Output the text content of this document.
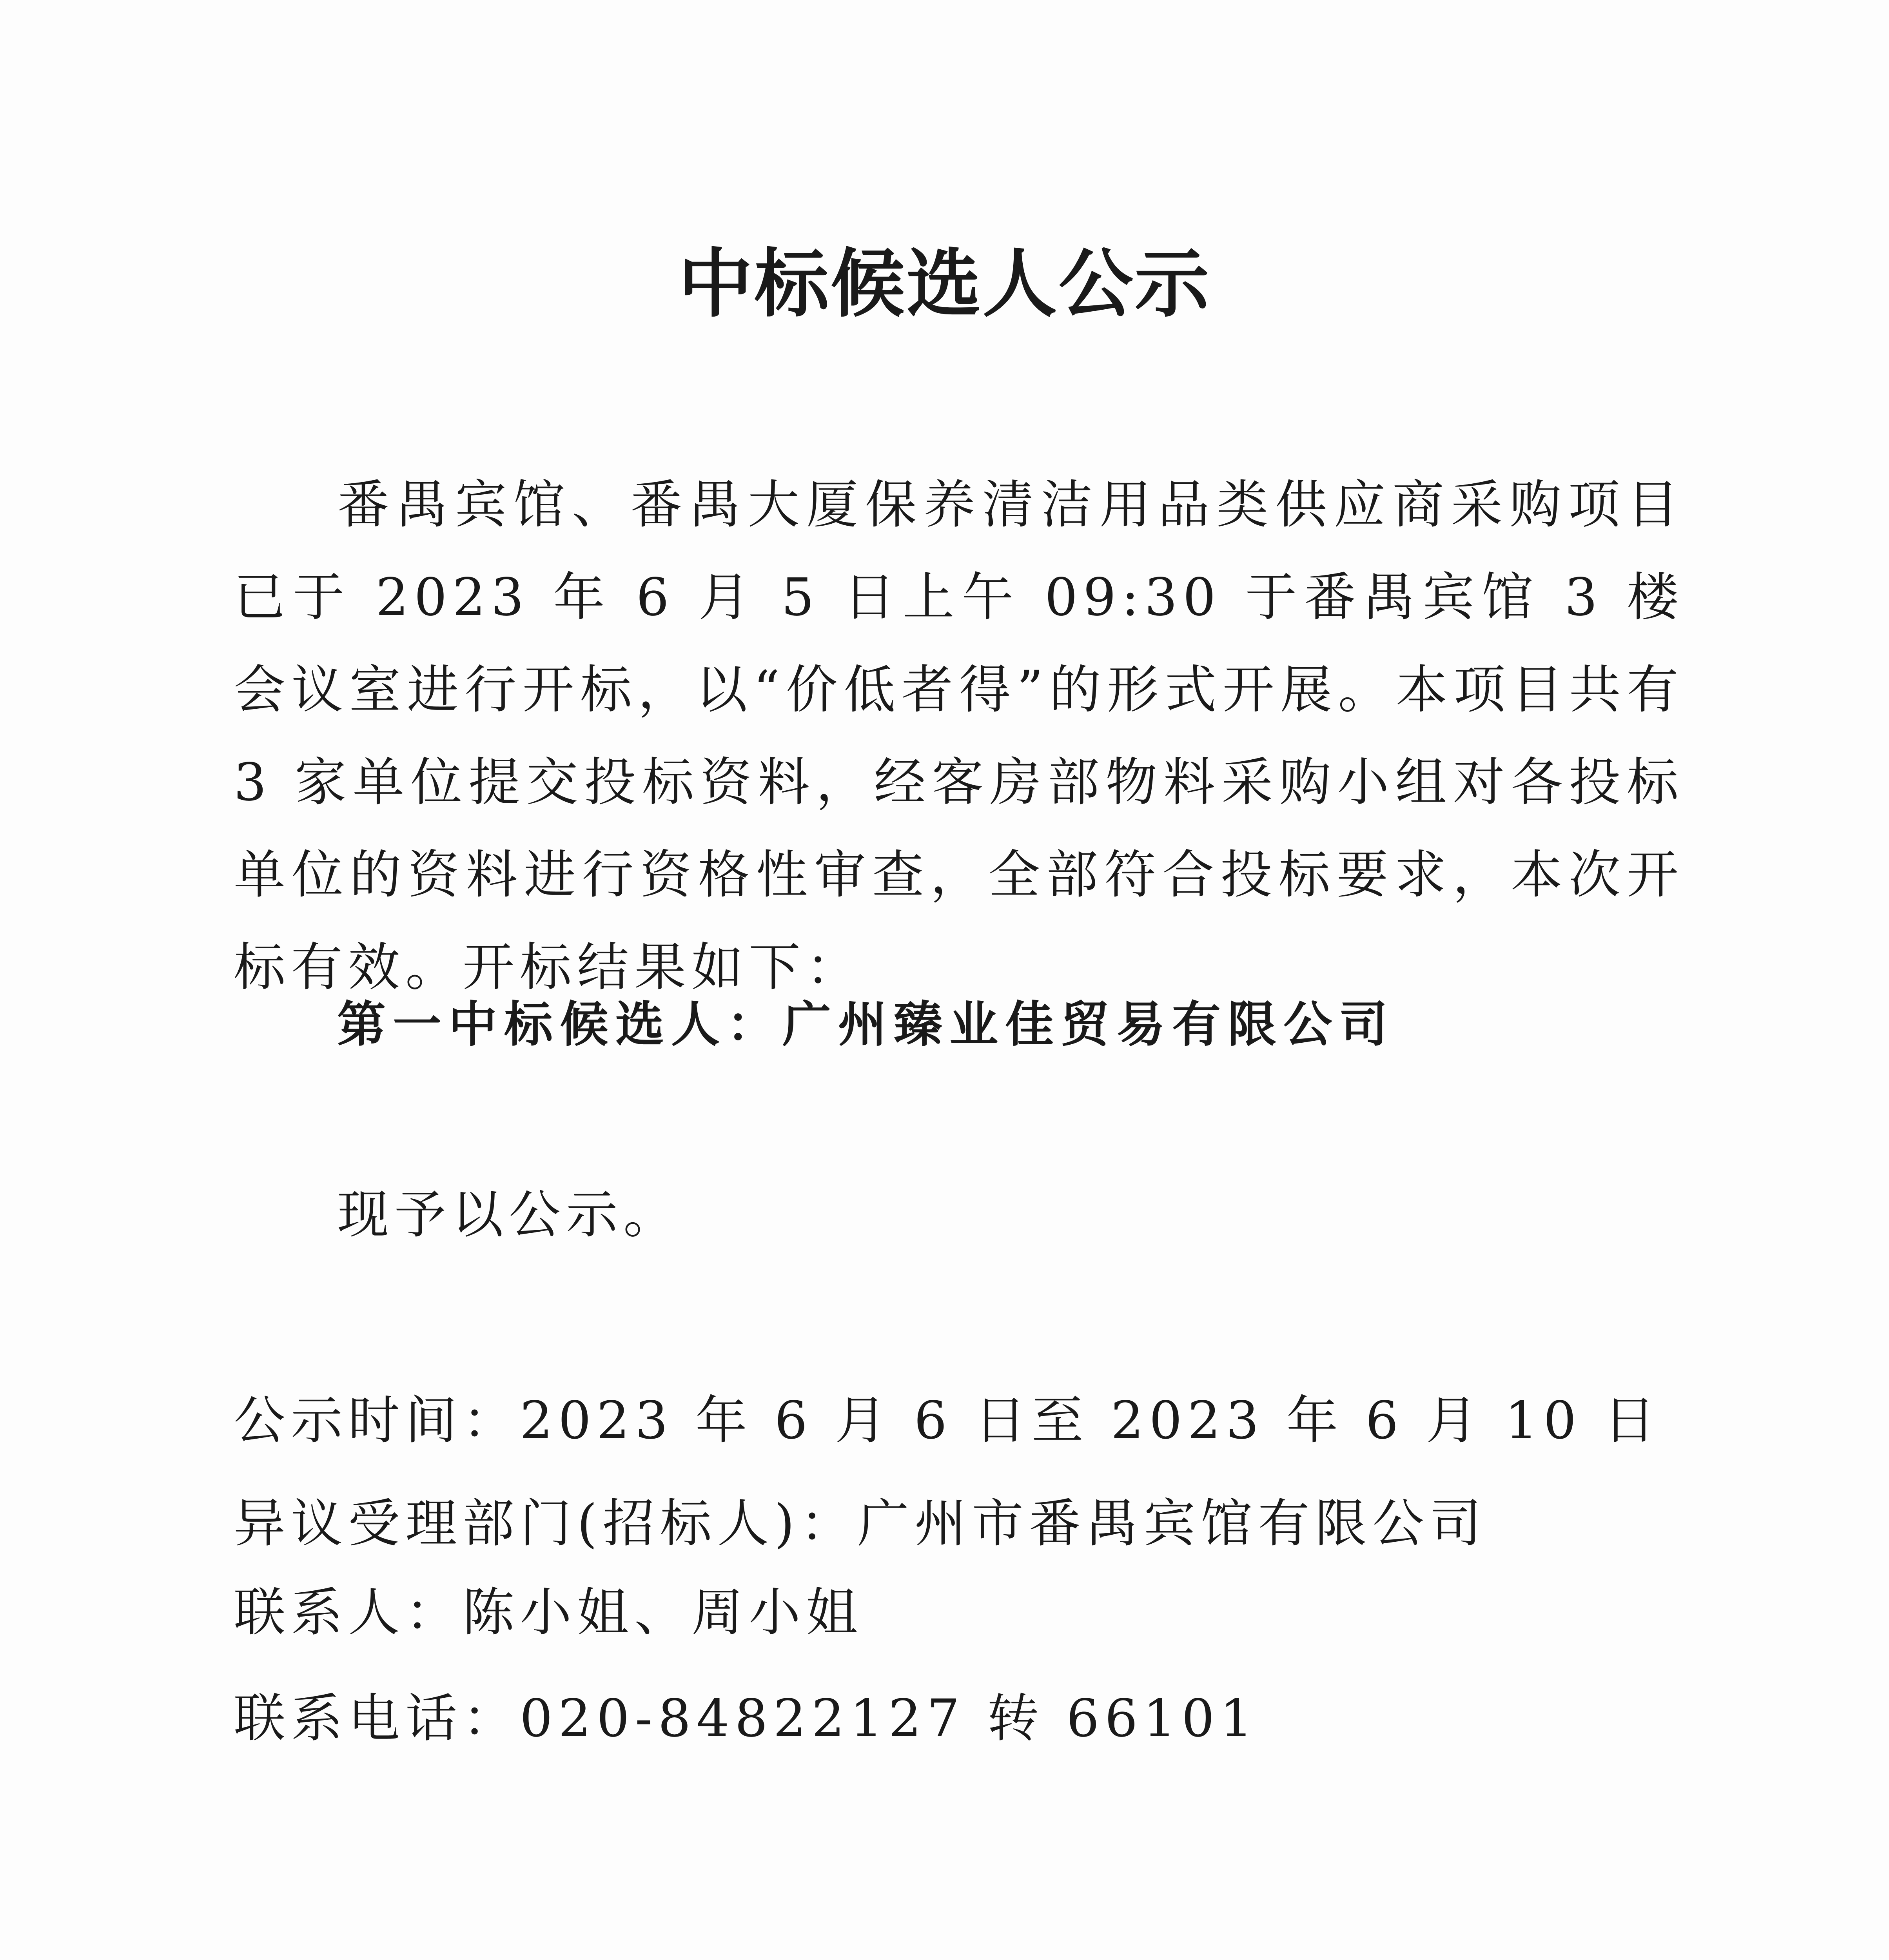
中标候选人公示
番禺宾馆、番禺大厦保养清洁用品类供应商采购项目已于 2023 年 6 月 5 日上午 09:30 于番禺宾馆 3 楼会议室进行开标，以“价低者得”的形式开展。本项目共有 3 家单位提交投标资料，经客房部物料采购小组对各投标单位的资料进行资格性审查，全部符合投标要求，本次开标有效。开标结果如下：
第一中标候选人：广州臻业佳贸易有限公司
现予以公示。
公示时间：2023 年 6 月 6 日至 2023 年 6 月 10 日
异议受理部门(招标人)：广州市番禺宾馆有限公司
联系人：陈小姐、周小姐
联系电话：020-84822127 转 66101
